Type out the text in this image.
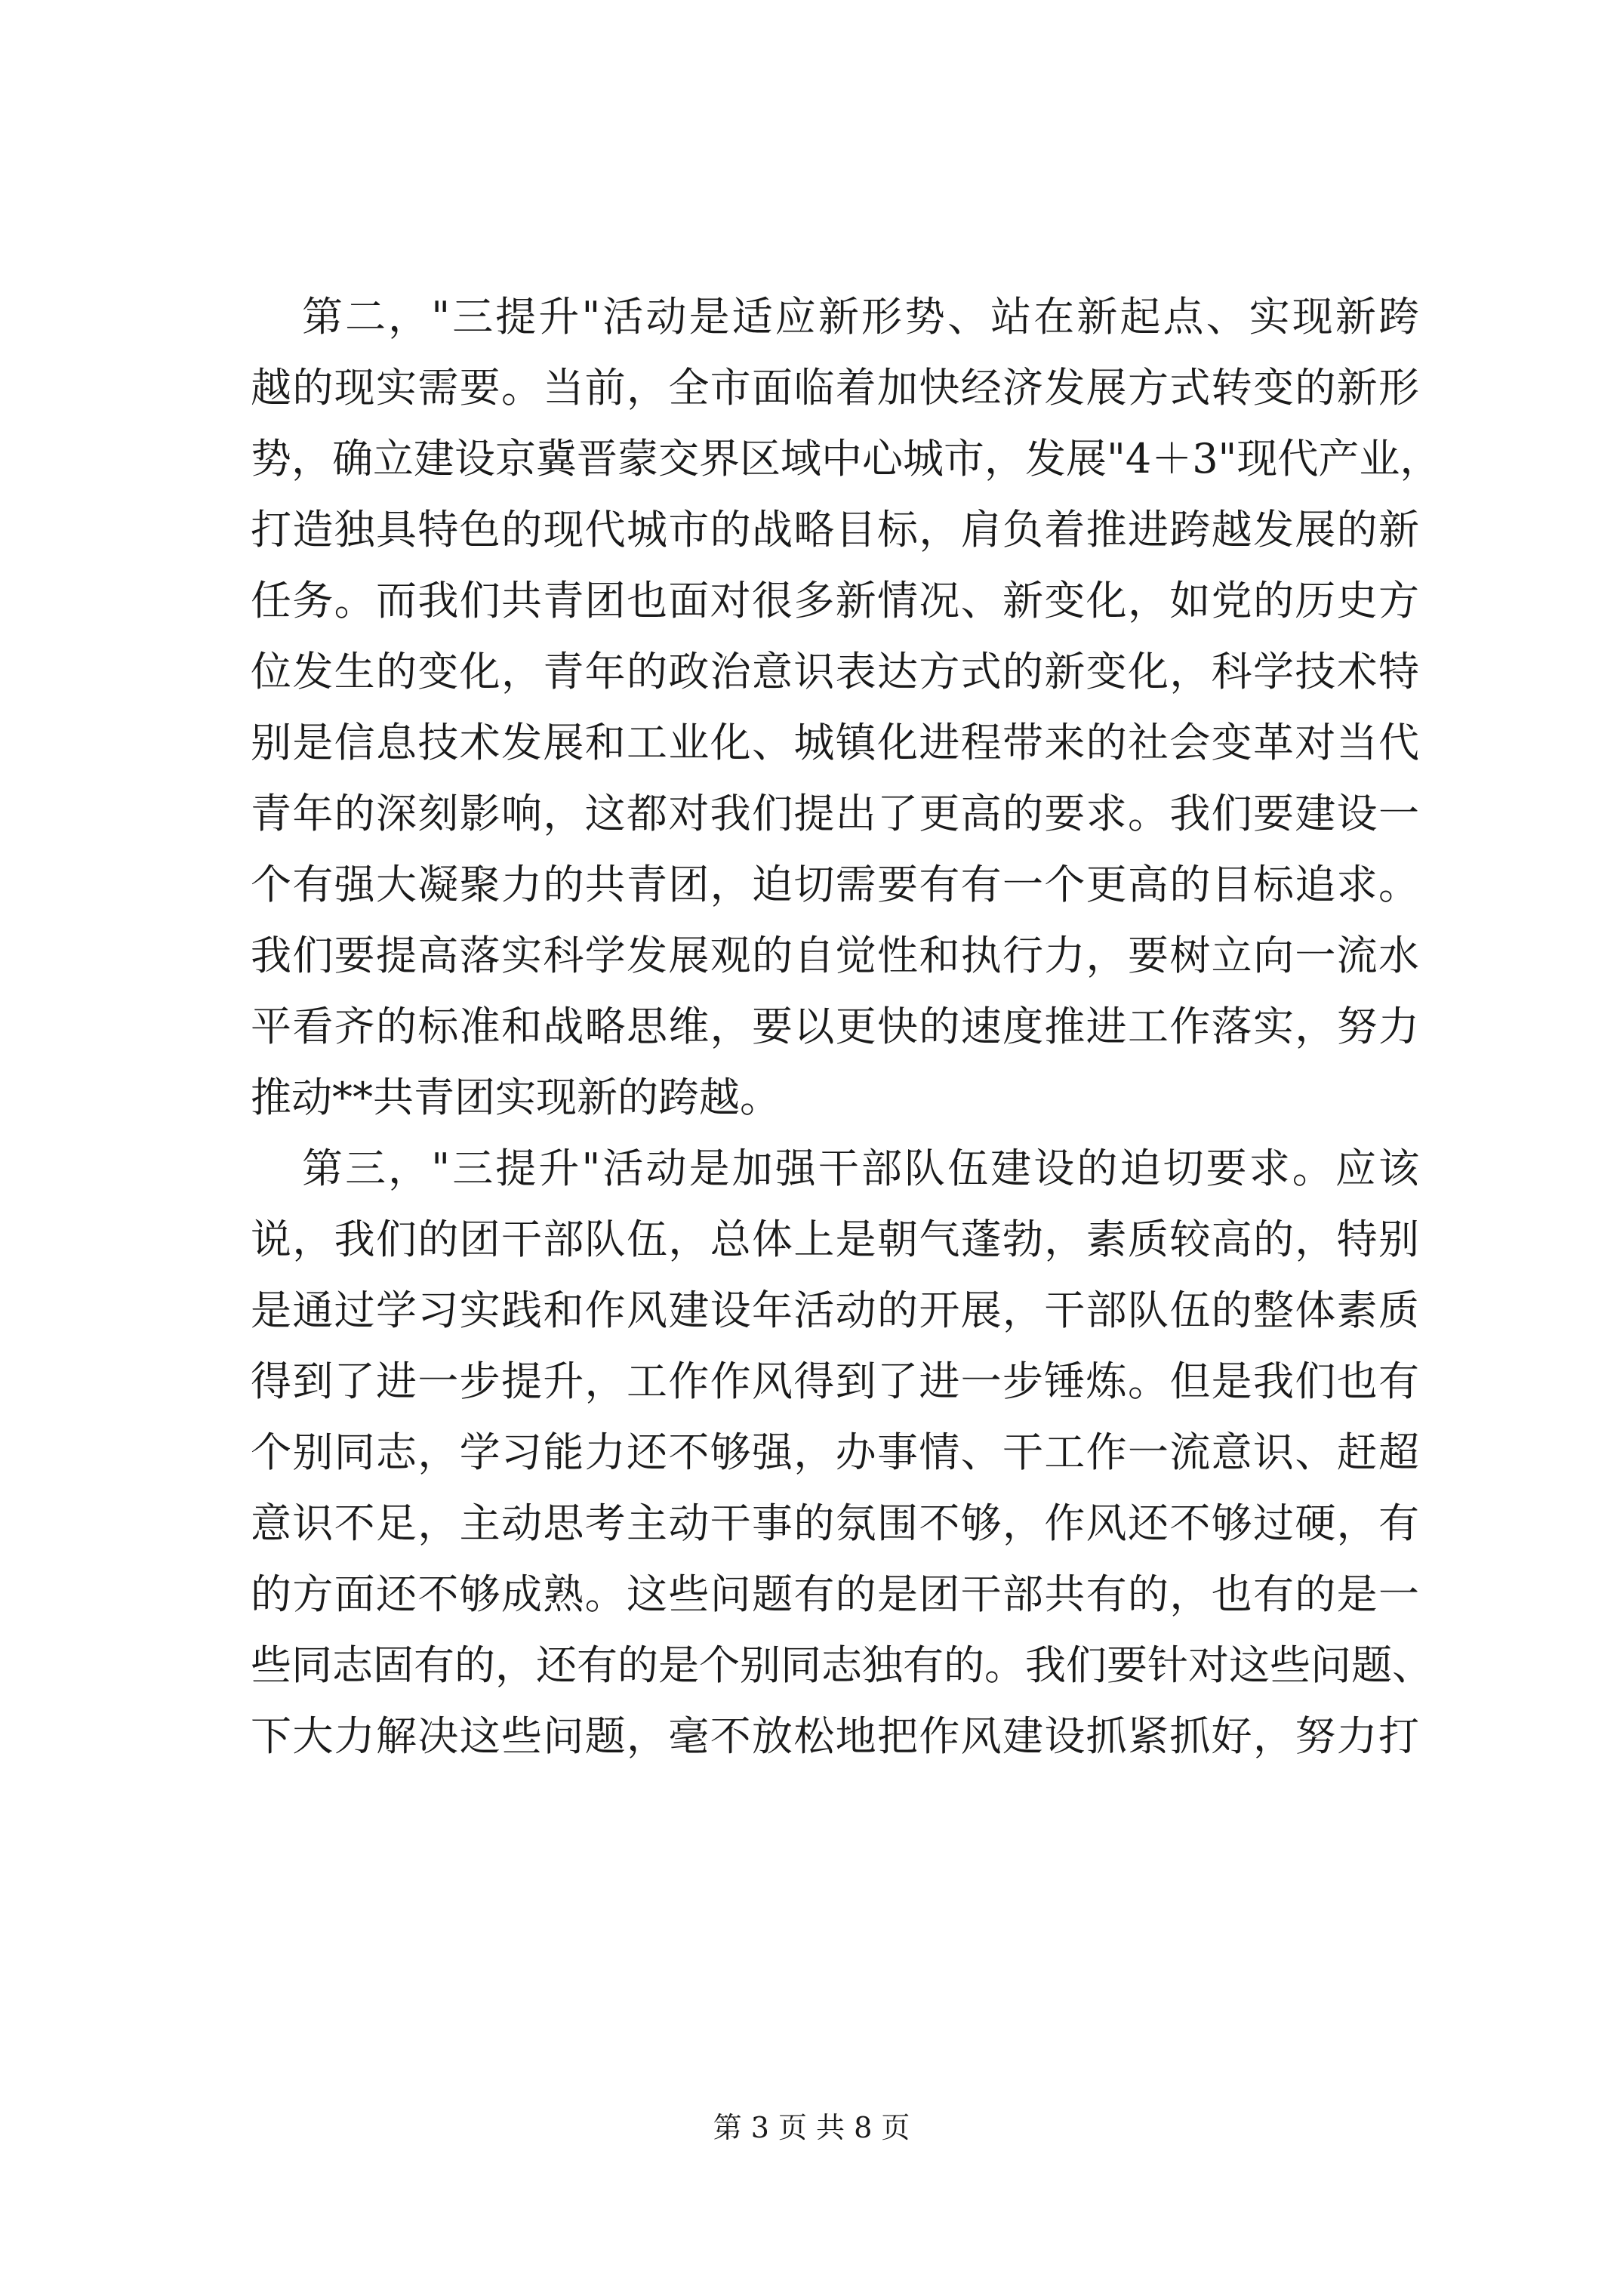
第二，"三提升"活动是适应新形势、站在新起点、实现新跨
越的现实需要。当前，全市面临着加快经济发展方式转变的新形
势，确立建设京冀晋蒙交界区域中心城市，发展"4＋3"现代产业，
打造独具特色的现代城市的战略目标，肩负着推进跨越发展的新
任务。而我们共青团也面对很多新情况、新变化，如党的历史方
位发生的变化，青年的政治意识表达方式的新变化，科学技术特
别是信息技术发展和工业化、城镇化进程带来的社会变革对当代
青年的深刻影响，这都对我们提出了更高的要求。我们要建设一
个有强大凝聚力的共青团，迫切需要有有一个更高的目标追求。
我们要提高落实科学发展观的自觉性和执行力，要树立向一流水
平看齐的标准和战略思维，要以更快的速度推进工作落实，努力
推动**共青团实现新的跨越。
第三，"三提升"活动是加强干部队伍建设的迫切要求。应该
说，我们的团干部队伍，总体上是朝气蓬勃，素质较高的，特别
是通过学习实践和作风建设年活动的开展，干部队伍的整体素质
得到了进一步提升，工作作风得到了进一步锤炼。但是我们也有
个别同志，学习能力还不够强，办事情、干工作一流意识、赶超
意识不足，主动思考主动干事的氛围不够，作风还不够过硬，有
的方面还不够成熟。这些问题有的是团干部共有的，也有的是一
些同志固有的，还有的是个别同志独有的。我们要针对这些问题、
下大力解决这些问题，毫不放松地把作风建设抓紧抓好，努力打
第 3 页 共 8 页
